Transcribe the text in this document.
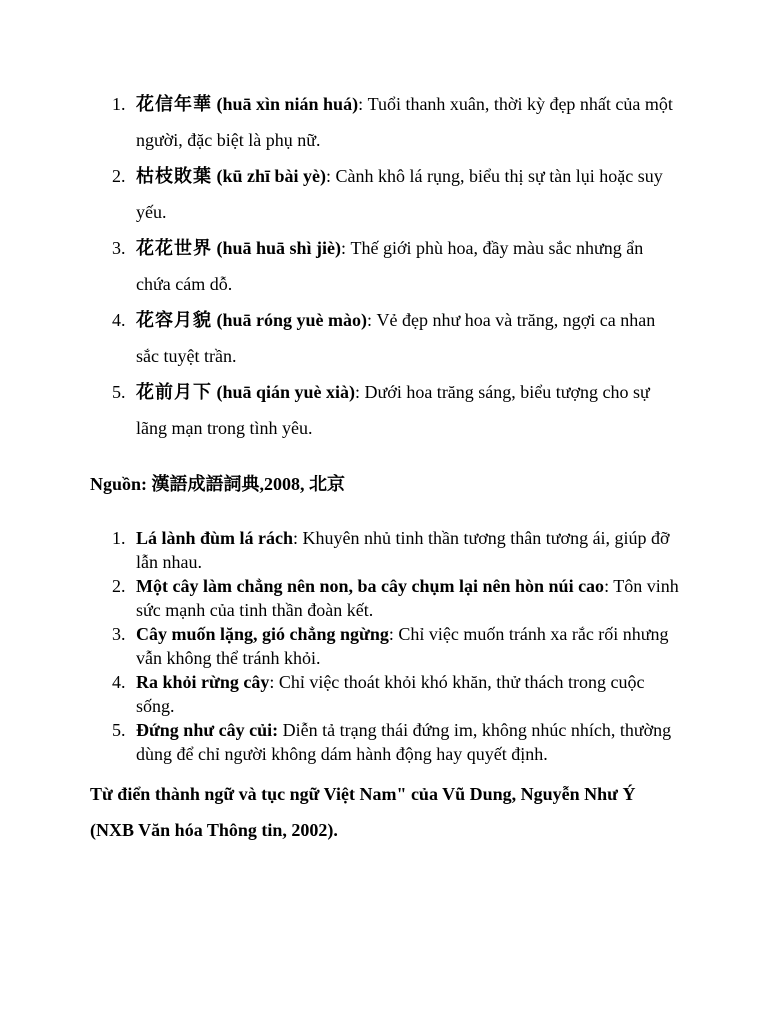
1. 花信年華 (huā xìn nián huá): Tuổi thanh xuân, thời kỳ đẹp nhất của một người, đặc biệt là phụ nữ.
2. 枯枝敗葉 (kū zhī bài yè): Cành khô lá rụng, biểu thị sự tàn lụi hoặc suy yếu.
3. 花花世界 (huā huā shì jiè): Thế giới phù hoa, đầy màu sắc nhưng ẩn chứa cám dỗ.
4. 花容月貌 (huā róng yuè mào): Vẻ đẹp như hoa và trăng, ngợi ca nhan sắc tuyệt trần.
5. 花前月下 (huā qián yuè xià): Dưới hoa trăng sáng, biểu tượng cho sự lãng mạn trong tình yêu.

Nguồn: 漢語成語詞典,2008, 北京

1. Lá lành đùm lá rách: Khuyên nhủ tinh thần tương thân tương ái, giúp đỡ lẫn nhau.
2. Một cây làm chẳng nên non, ba cây chụm lại nên hòn núi cao: Tôn vinh sức mạnh của tinh thần đoàn kết.
3. Cây muốn lặng, gió chẳng ngừng: Chỉ việc muốn tránh xa rắc rối nhưng vẫn không thể tránh khỏi.
4. Ra khỏi rừng cây: Chỉ việc thoát khỏi khó khăn, thử thách trong cuộc sống.
5. Đứng như cây củi: Diễn tả trạng thái đứng im, không nhúc nhích, thường dùng để chỉ người không dám hành động hay quyết định.

Từ điển thành ngữ và tục ngữ Việt Nam" của Vũ Dung, Nguyễn Như Ý (NXB Văn hóa Thông tin, 2002).
